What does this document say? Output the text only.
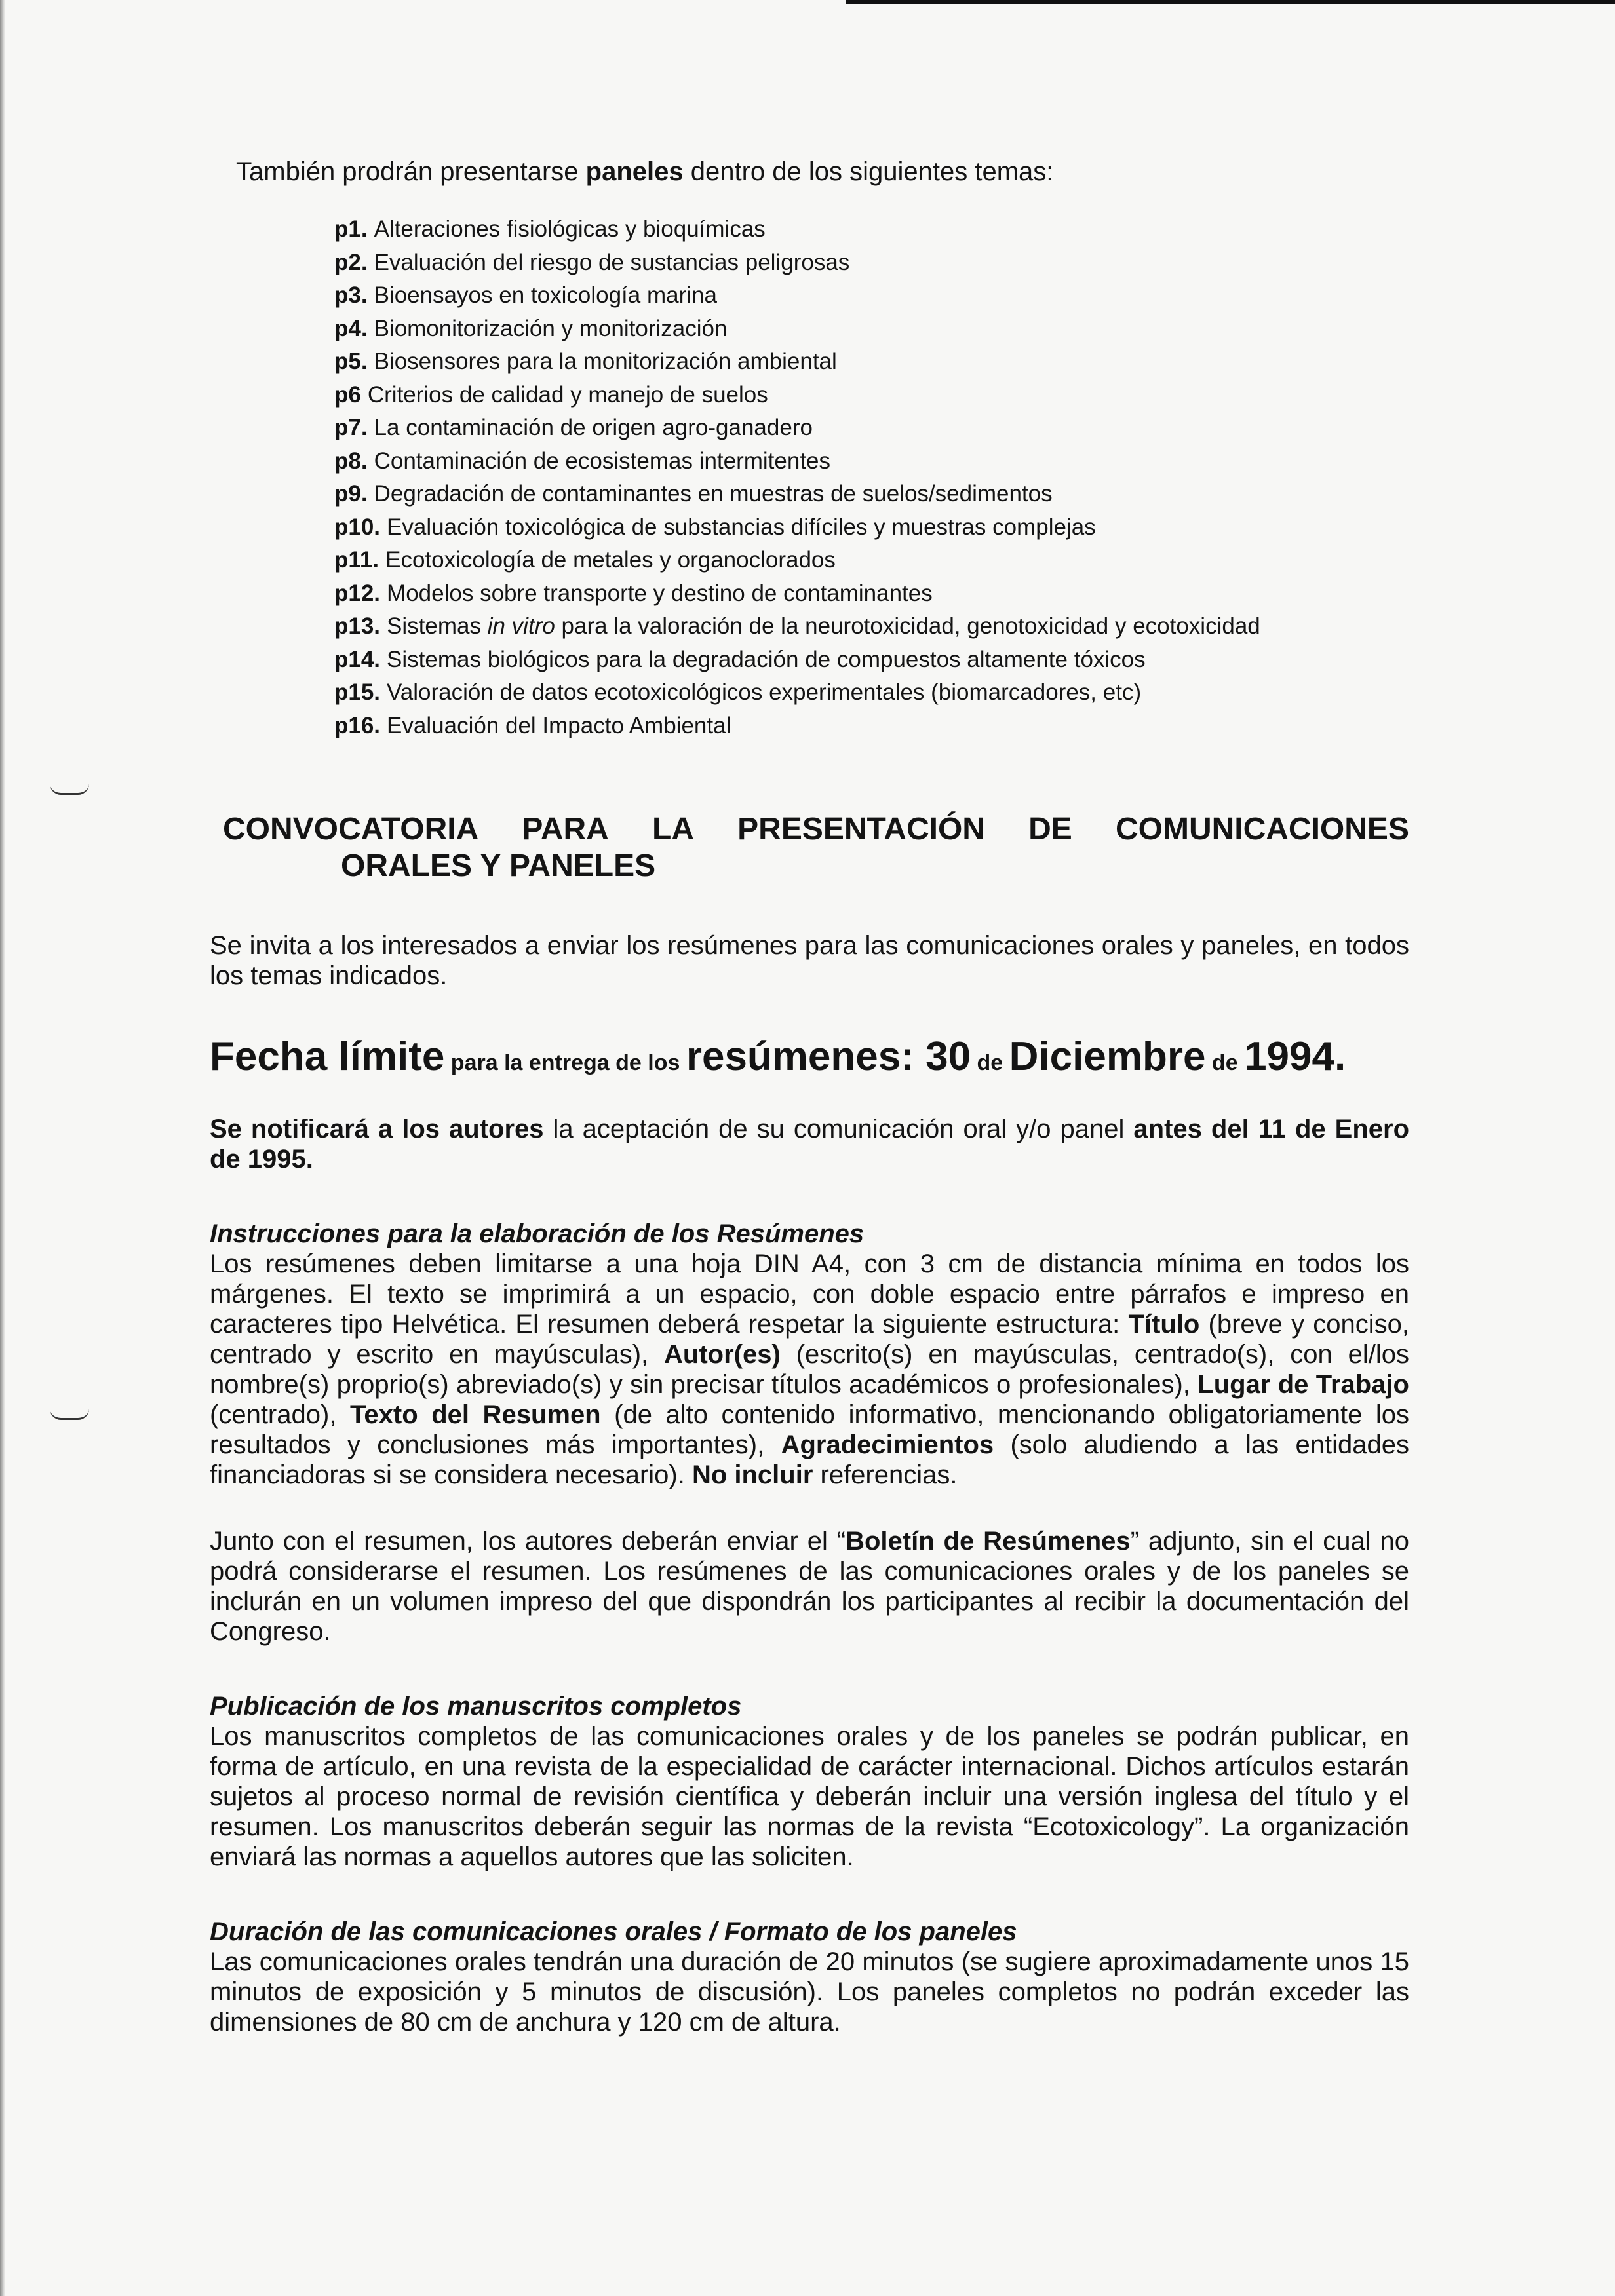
También prodrán presentarse paneles dentro de los siguientes temas:
p1. Alteraciones fisiológicas y bioquímicas
p2. Evaluación del riesgo de sustancias peligrosas
p3. Bioensayos en toxicología marina
p4. Biomonitorización y monitorización
p5. Biosensores para la monitorización ambiental
p6 Criterios de calidad y manejo de suelos
p7. La contaminación de origen agro-ganadero
p8. Contaminación de ecosistemas intermitentes
p9. Degradación de contaminantes en muestras de suelos/sedimentos
p10. Evaluación toxicológica de substancias difíciles y muestras complejas
p11. Ecotoxicología de metales y organoclorados
p12. Modelos sobre transporte y destino de contaminantes
p13. Sistemas in vitro para la valoración de la neurotoxicidad, genotoxicidad y ecotoxicidad
p14. Sistemas biológicos para la degradación de compuestos altamente tóxicos
p15. Valoración de datos ecotoxicológicos experimentales (biomarcadores, etc)
p16. Evaluación del Impacto Ambiental
CONVOCATORIA PARA LA PRESENTACIÓN DE COMUNICACIONES
ORALES Y PANELES

Se invita a los interesados a enviar los resúmenes para las comunicaciones orales y paneles, en todos los temas indicados.

Fecha límite para la entrega de los resúmenes: 30 de Diciembre de 1994.

Se notificará a los autores la aceptación de su comunicación oral y/o panel antes del 11 de Enero de 1995.

Instrucciones para la elaboración de los Resúmenes

Los resúmenes deben limitarse a una hoja DIN A4, con 3 cm de distancia mínima en todos los márgenes. El texto se imprimirá a un espacio, con doble espacio entre párrafos e impreso en caracteres tipo Helvética. El resumen deberá respetar la siguiente estructura: Título (breve y conciso, centrado y escrito en mayúsculas), Autor(es) (escrito(s) en mayúsculas, centrado(s), con el/los nombre(s) proprio(s) abreviado(s) y sin precisar títulos académicos o profesionales), Lugar de Trabajo (centrado), Texto del Resumen (de alto contenido informativo, mencionando obligatoriamente los resultados y conclusiones más importantes), Agradecimientos (solo aludiendo a las entidades financiadoras si se considera necesario). No incluir referencias.

Junto con el resumen, los autores deberán enviar el “Boletín de Resúmenes” adjunto, sin el cual no podrá considerarse el resumen. Los resúmenes de las comunicaciones orales y de los paneles se inclurán en un volumen impreso del que dispondrán los participantes al recibir la documentación del Congreso.

Publicación de los manuscritos completos

Los manuscritos completos de las comunicaciones orales y de los paneles se podrán publicar, en forma de artículo, en una revista de la especialidad de carácter internacional. Dichos artículos estarán sujetos al proceso normal de revisión científica y deberán incluir una versión inglesa del título y el resumen. Los manuscritos deberán seguir las normas de la revista “Ecotoxicology”. La organización enviará las normas a aquellos autores que las soliciten.

Duración de las comunicaciones orales / Formato de los paneles

Las comunicaciones orales tendrán una duración de 20 minutos (se sugiere aproximadamente unos 15 minutos de exposición y 5 minutos de discusión). Los paneles completos no podrán exceder las dimensiones de 80 cm de anchura y 120 cm de altura.
